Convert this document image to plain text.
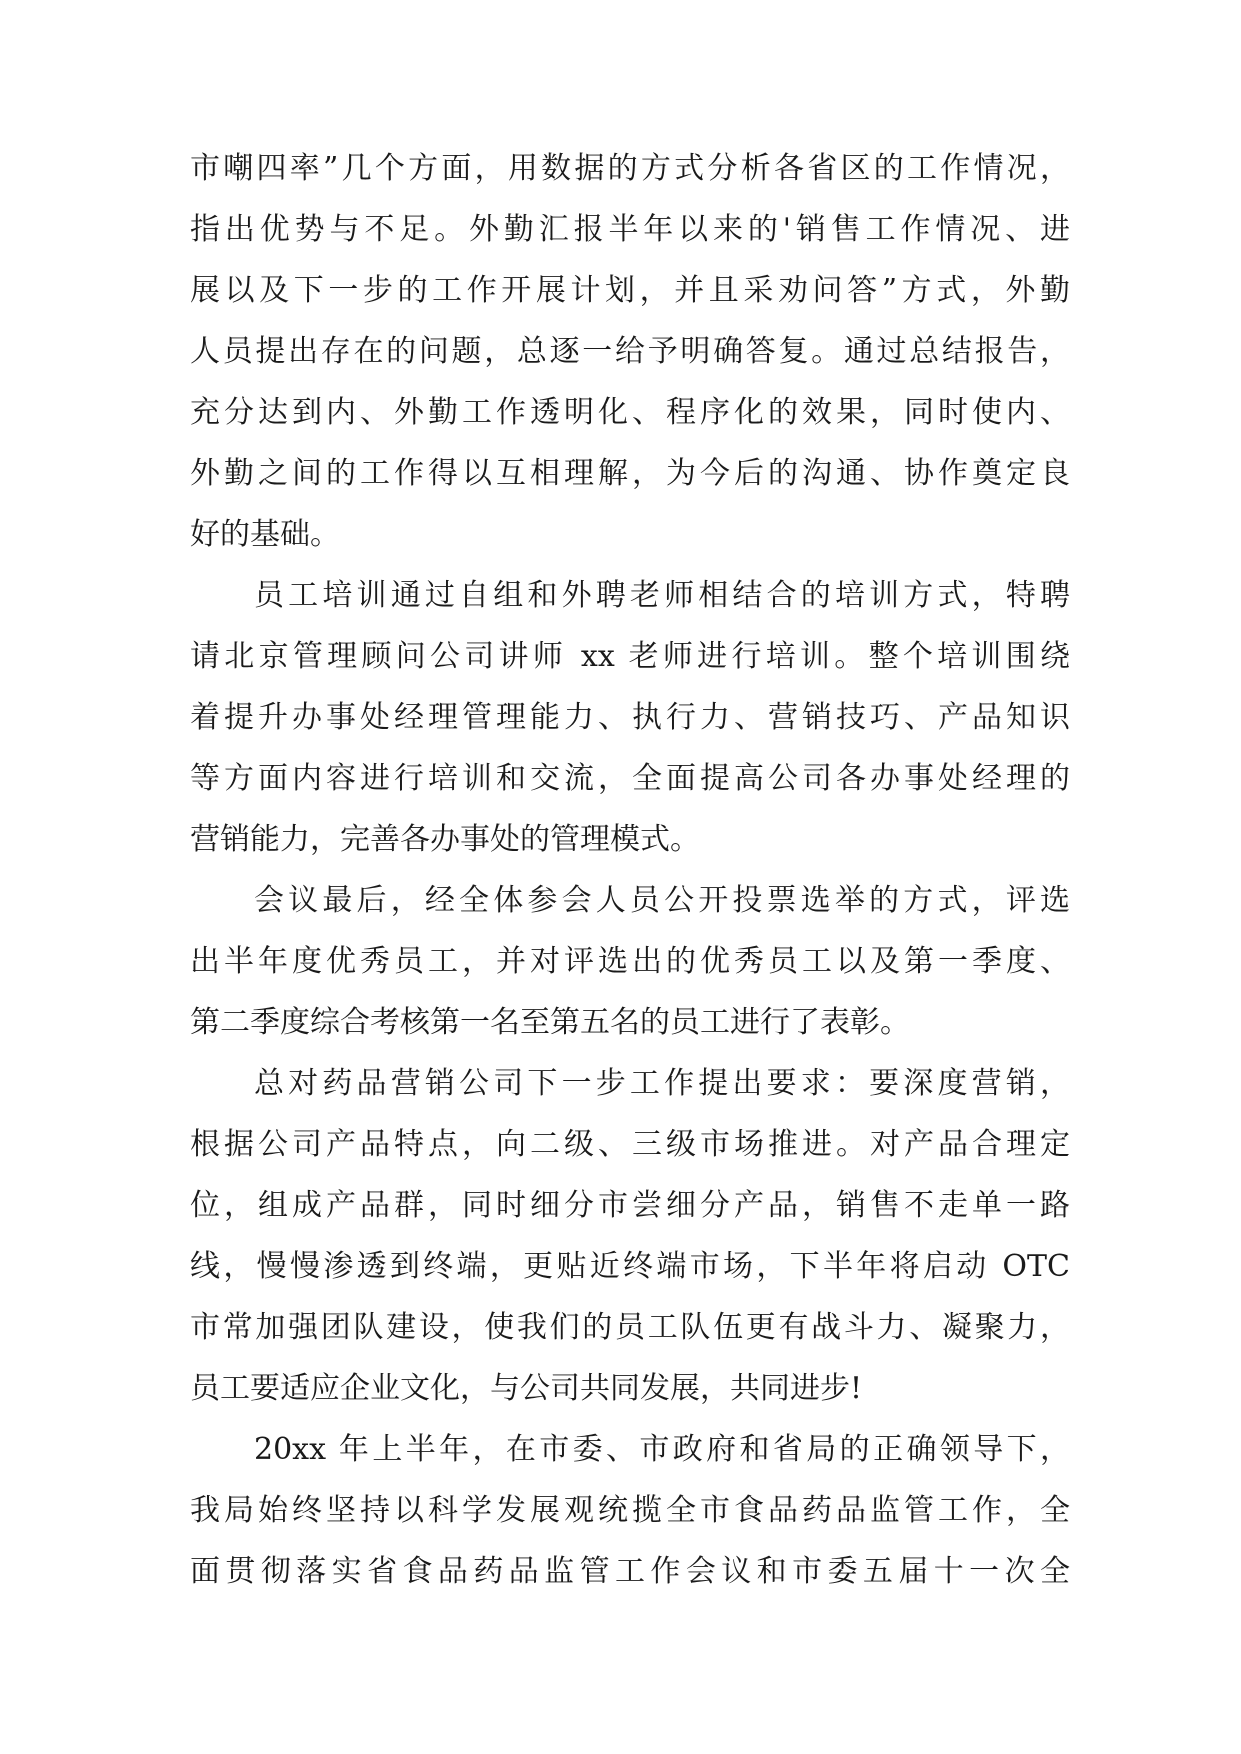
市嘲四率”几个方面，用数据的方式分析各省区的工作情况，
指出优势与不足。外勤汇报半年以来的'销售工作情况、进
展以及下一步的工作开展计划，并且采劝问答”方式，外勤
人员提出存在的问题，总逐一给予明确答复。通过总结报告，
充分达到内、外勤工作透明化、程序化的效果，同时使内、
外勤之间的工作得以互相理解，为今后的沟通、协作奠定良
好的基础。
员工培训通过自组和外聘老师相结合的培训方式，特聘
请北京管理顾问公司讲师 xx 老师进行培训。整个培训围绕
着提升办事处经理管理能力、执行力、营销技巧、产品知识
等方面内容进行培训和交流，全面提高公司各办事处经理的
营销能力，完善各办事处的管理模式。
会议最后，经全体参会人员公开投票选举的方式，评选
出半年度优秀员工，并对评选出的优秀员工以及第一季度、
第二季度综合考核第一名至第五名的员工进行了表彰。
总对药品营销公司下一步工作提出要求：要深度营销，
根据公司产品特点，向二级、三级市场推进。对产品合理定
位，组成产品群，同时细分市尝细分产品，销售不走单一路
线，慢慢渗透到终端，更贴近终端市场，下半年将启动 OTC
市常加强团队建设，使我们的员工队伍更有战斗力、凝聚力，
员工要适应企业文化，与公司共同发展，共同进步!
20xx 年上半年，在市委、市政府和省局的正确领导下，
我局始终坚持以科学发展观统揽全市食品药品监管工作，全
面贯彻落实省食品药品监管工作会议和市委五届十一次全
